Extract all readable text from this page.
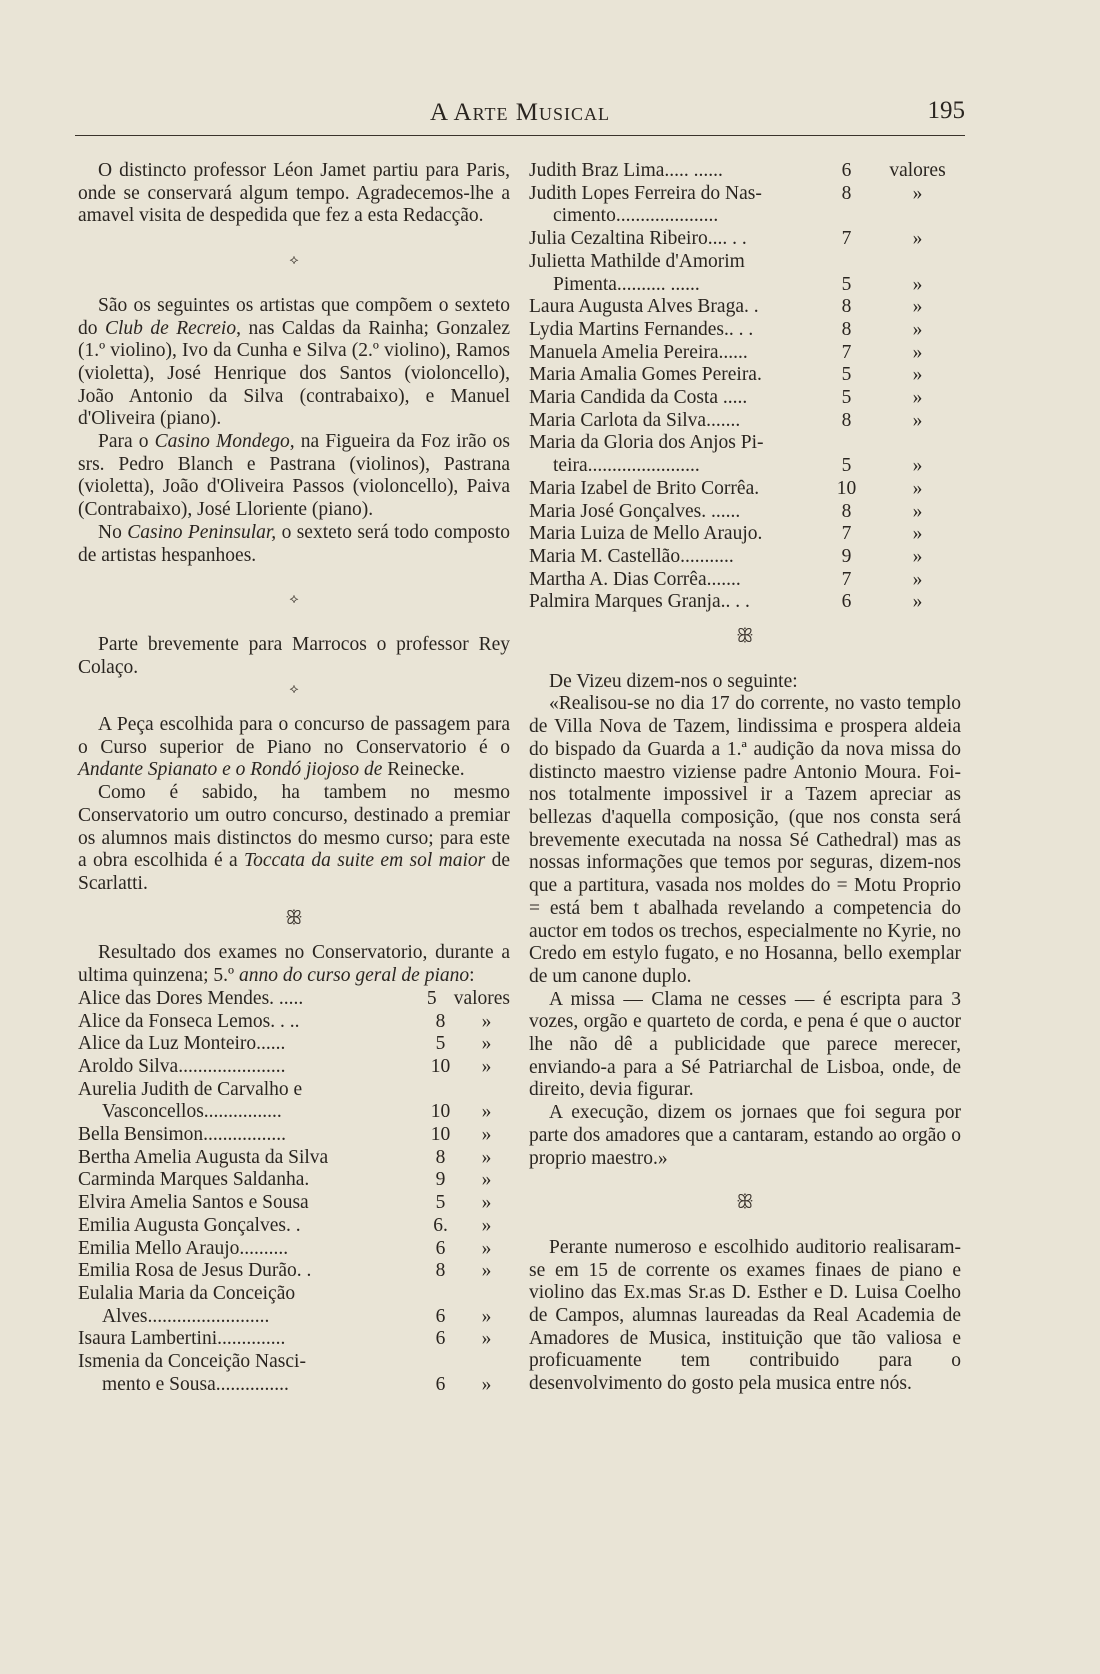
A Arte Musical	195

O distincto professor Léon Jamet partiu para Paris, onde se conservará algum tempo. Agradecemos-lhe a amavel visita de despedida que fez a esta Redacção.

⟡

São os seguintes os artistas que compõem o sexteto do Club de Recreio, nas Caldas da Rainha; Gonzalez (1.º violino), Ivo da Cunha e Silva (2.º violino), Ramos (violetta), José Henrique dos Santos (violoncello), João Antonio da Silva (contrabaixo), e Manuel d'Oliveira (piano).

Para o Casino Mondego, na Figueira da Foz irão os srs. Pedro Blanch e Pastrana (violinos), Pastrana (violetta), João d'Oliveira Passos (violoncello), Paiva (Contrabaixo), José Lloriente (piano).

No Casino Peninsular, o sexteto será todo composto de artistas hespanhoes.

⟡

Parte brevemente para Marrocos o professor Rey Colaço.

⟡

A Peça escolhida para o concurso de passagem para o Curso superior de Piano no Conservatorio é o Andante Spianato e o Rondó jiojoso de Reinecke.

Como é sabido, ha tambem no mesmo Conservatorio um outro concurso, destinado a premiar os alumnos mais distinctos do mesmo curso; para este a obra escolhida é a Toccata da suite em sol maior de Scarlatti.

ꕥ

Resultado dos exames no Conservatorio, durante a ultima quinzena; 5.º anno do curso geral de piano:

Alice das Dores Mendes. .....	5 valores
Alice da Fonseca Lemos. . ..	8	»
Alice da Luz Monteiro......	5	»
Aroldo Silva......................	10	»
Aurelia Judith de Carvalho e
Vasconcellos................	10	»
Bella Bensimon.................	10	»
Bertha Amelia Augusta da Silva	8	»
Carminda Marques Saldanha.	9	»
Elvira Amelia Santos e Sousa	5	»
Emilia Augusta Gonçalves. .	6.	»
Emilia Mello Araujo..........	6	»
Emilia Rosa de Jesus Durão. .	8	»
Eulalia Maria da Conceição
Alves.........................	6	»
Isaura Lambertini..............	6	»
Ismenia da Conceição Nasci-
mento e Sousa...............	6	»
Judith Braz Lima..... ......	6	valores
Judith Lopes Ferreira do Nas-	8	»
cimento.....................
Julia Cezaltina Ribeiro.... . .	7	»
Julietta Mathilde d'Amorim
Pimenta.......... ......	5	»
Laura Augusta Alves Braga. .	8	»
Lydia Martins Fernandes.. . .	8	»
Manuela Amelia Pereira......	7	»
Maria Amalia Gomes Pereira.	5	»
Maria Candida da Costa .....	5	»
Maria Carlota da Silva.......	8	»
Maria da Gloria dos Anjos Pi-
teira.......................	5	»
Maria Izabel de Brito Corrêa.	10	»
Maria José Gonçalves. ......	8	»
Maria Luiza de Mello Araujo.	7	»
Maria M. Castellão...........	9	»
Martha A. Dias Corrêa.......	7	»
Palmira Marques Granja.. . .	6	»
ꕥ

De Vizeu dizem-nos o seguinte:

«Realisou-se no dia 17 do corrente, no vasto templo de Villa Nova de Tazem, lindissima e prospera aldeia do bispado da Guarda a 1.ª audição da nova missa do distincto maestro viziense padre Antonio Moura. Foi-nos totalmente impossivel ir a Tazem apreciar as bellezas d'aquella composição, (que nos consta será brevemente executada na nossa Sé Cathedral) mas as nossas informações que temos por seguras, dizem-nos que a partitura, vasada nos moldes do = Motu Proprio = está bem t abalhada revelando a competencia do auctor em todos os trechos, especialmente no Kyrie, no Credo em estylo fugato, e no Hosanna, bello exemplar de um canone duplo.

A missa — Clama ne cesses — é escripta para 3 vozes, orgão e quarteto de corda, e pena é que o auctor lhe não dê a publicidade que parece merecer, enviando-a para a Sé Patriarchal de Lisboa, onde, de direito, devia figurar.

A execução, dizem os jornaes que foi segura por parte dos amadores que a cantaram, estando ao orgão o proprio maestro.»

ꕥ

Perante numeroso e escolhido auditorio realisaram-se em 15 de corrente os exames finaes de piano e violino das Ex.mas Sr.as D. Esther e D. Luisa Coelho de Campos, alumnas laureadas da Real Academia de Amadores de Musica, instituição que tão valiosa e proficuamente tem contribuido para o desenvolvimento do gosto pela musica entre nós.
